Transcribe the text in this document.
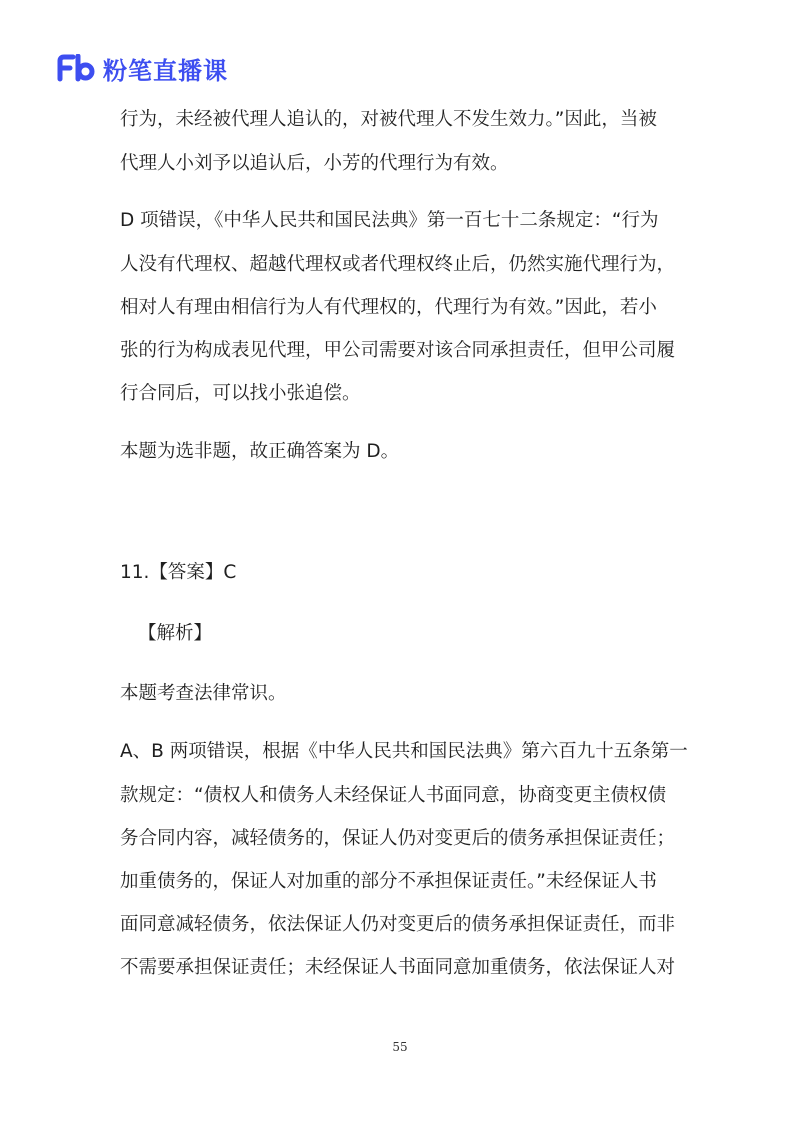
粉笔直播课
行为，未经被代理人追认的，对被代理人不发生效力。”因此，当被
代理人小刘予以追认后，小芳的代理行为有效。
D 项错误，《中华人民共和国民法典》第一百七十二条规定：“行为
人没有代理权、超越代理权或者代理权终止后，仍然实施代理行为，
相对人有理由相信行为人有代理权的，代理行为有效。”因此，若小
张的行为构成表见代理，甲公司需要对该合同承担责任，但甲公司履
行合同后，可以找小张追偿。
本题为选非题，故正确答案为 D。
11.【答案】C
【解析】
本题考查法律常识。
A、B 两项错误，根据《中华人民共和国民法典》第六百九十五条第一
款规定：“债权人和债务人未经保证人书面同意，协商变更主债权债
务合同内容，减轻债务的，保证人仍对变更后的债务承担保证责任；
加重债务的，保证人对加重的部分不承担保证责任。”未经保证人书
面同意减轻债务，依法保证人仍对变更后的债务承担保证责任，而非
不需要承担保证责任；未经保证人书面同意加重债务，依法保证人对
55
